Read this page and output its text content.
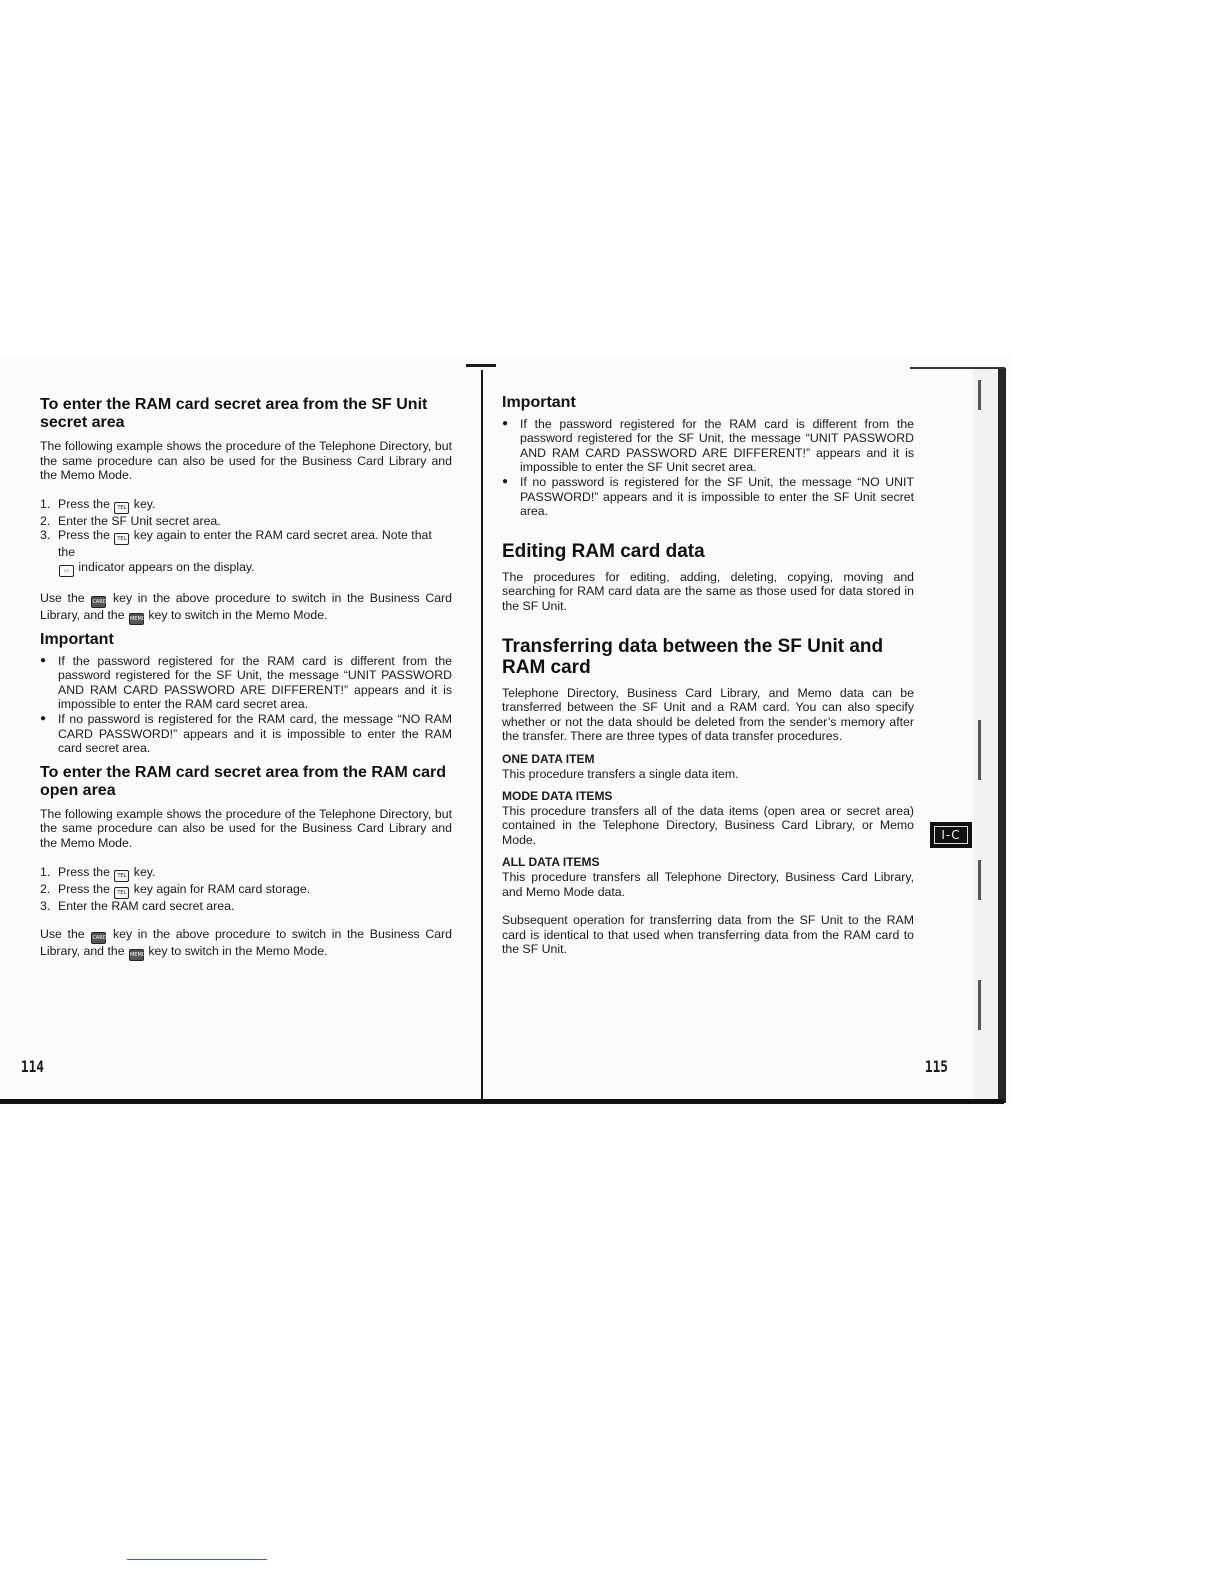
I-C
To enter the RAM card secret area from the SF Unit secret area

The following example shows the procedure of the Telephone Directory, but the same procedure can also be used for the Business Card Library and the Memo Mode.

1. Press the TEL key.
2. Enter the SF Unit secret area.
3. Press the TEL key again to enter the RAM card secret area. Note that the
▭ indicator appears on the display.

Use the CARD key in the above procedure to switch in the Business Card Library, and the MEMO key to switch in the Memo Mode.

Important
● If the password registered for the RAM card is different from the password registered for the SF Unit, the message “UNIT PASSWORD AND RAM CARD PASSWORD ARE DIFFERENT!” appears and it is impossible to enter the RAM card secret area.
● If no password is registered for the RAM card, the message “NO RAM CARD PASSWORD!” appears and it is impossible to enter the RAM card secret area.
To enter the RAM card secret area from the RAM card open area

The following example shows the procedure of the Telephone Directory, but the same procedure can also be used for the Business Card Library and the Memo Mode.

1. Press the TEL key.
2. Press the TEL key again for RAM card storage.
3. Enter the RAM card secret area.

Use the CARD key in the above procedure to switch in the Business Card Library, and the MEMO key to switch in the Memo Mode.

114
Important
● If the password registered for the RAM card is different from the password registered for the SF Unit, the message “UNIT PASSWORD AND RAM CARD PASSWORD ARE DIFFERENT!” appears and it is impossible to enter the SF Unit secret area.
● If no password is registered for the SF Unit, the message “NO UNIT PASSWORD!” appears and it is impossible to enter the SF Unit secret area.
Editing RAM card data

The procedures for editing, adding, deleting, copying, moving and searching for RAM card data are the same as those used for data stored in the SF Unit.

Transferring data between the SF Unit and RAM card

Telephone Directory, Business Card Library, and Memo data can be transferred between the SF Unit and a RAM card. You can also specify whether or not the data should be deleted from the sender’s memory after the transfer. There are three types of data transfer procedures.

ONE DATA ITEM

This procedure transfers a single data item.

MODE DATA ITEMS

This procedure transfers all of the data items (open area or secret area) contained in the Telephone Directory, Business Card Library, or Memo Mode.

ALL DATA ITEMS

This procedure transfers all Telephone Directory, Business Card Library, and Memo Mode data.

Subsequent operation for transferring data from the SF Unit to the RAM card is identical to that used when transferring data from the RAM card to the SF Unit.

115
